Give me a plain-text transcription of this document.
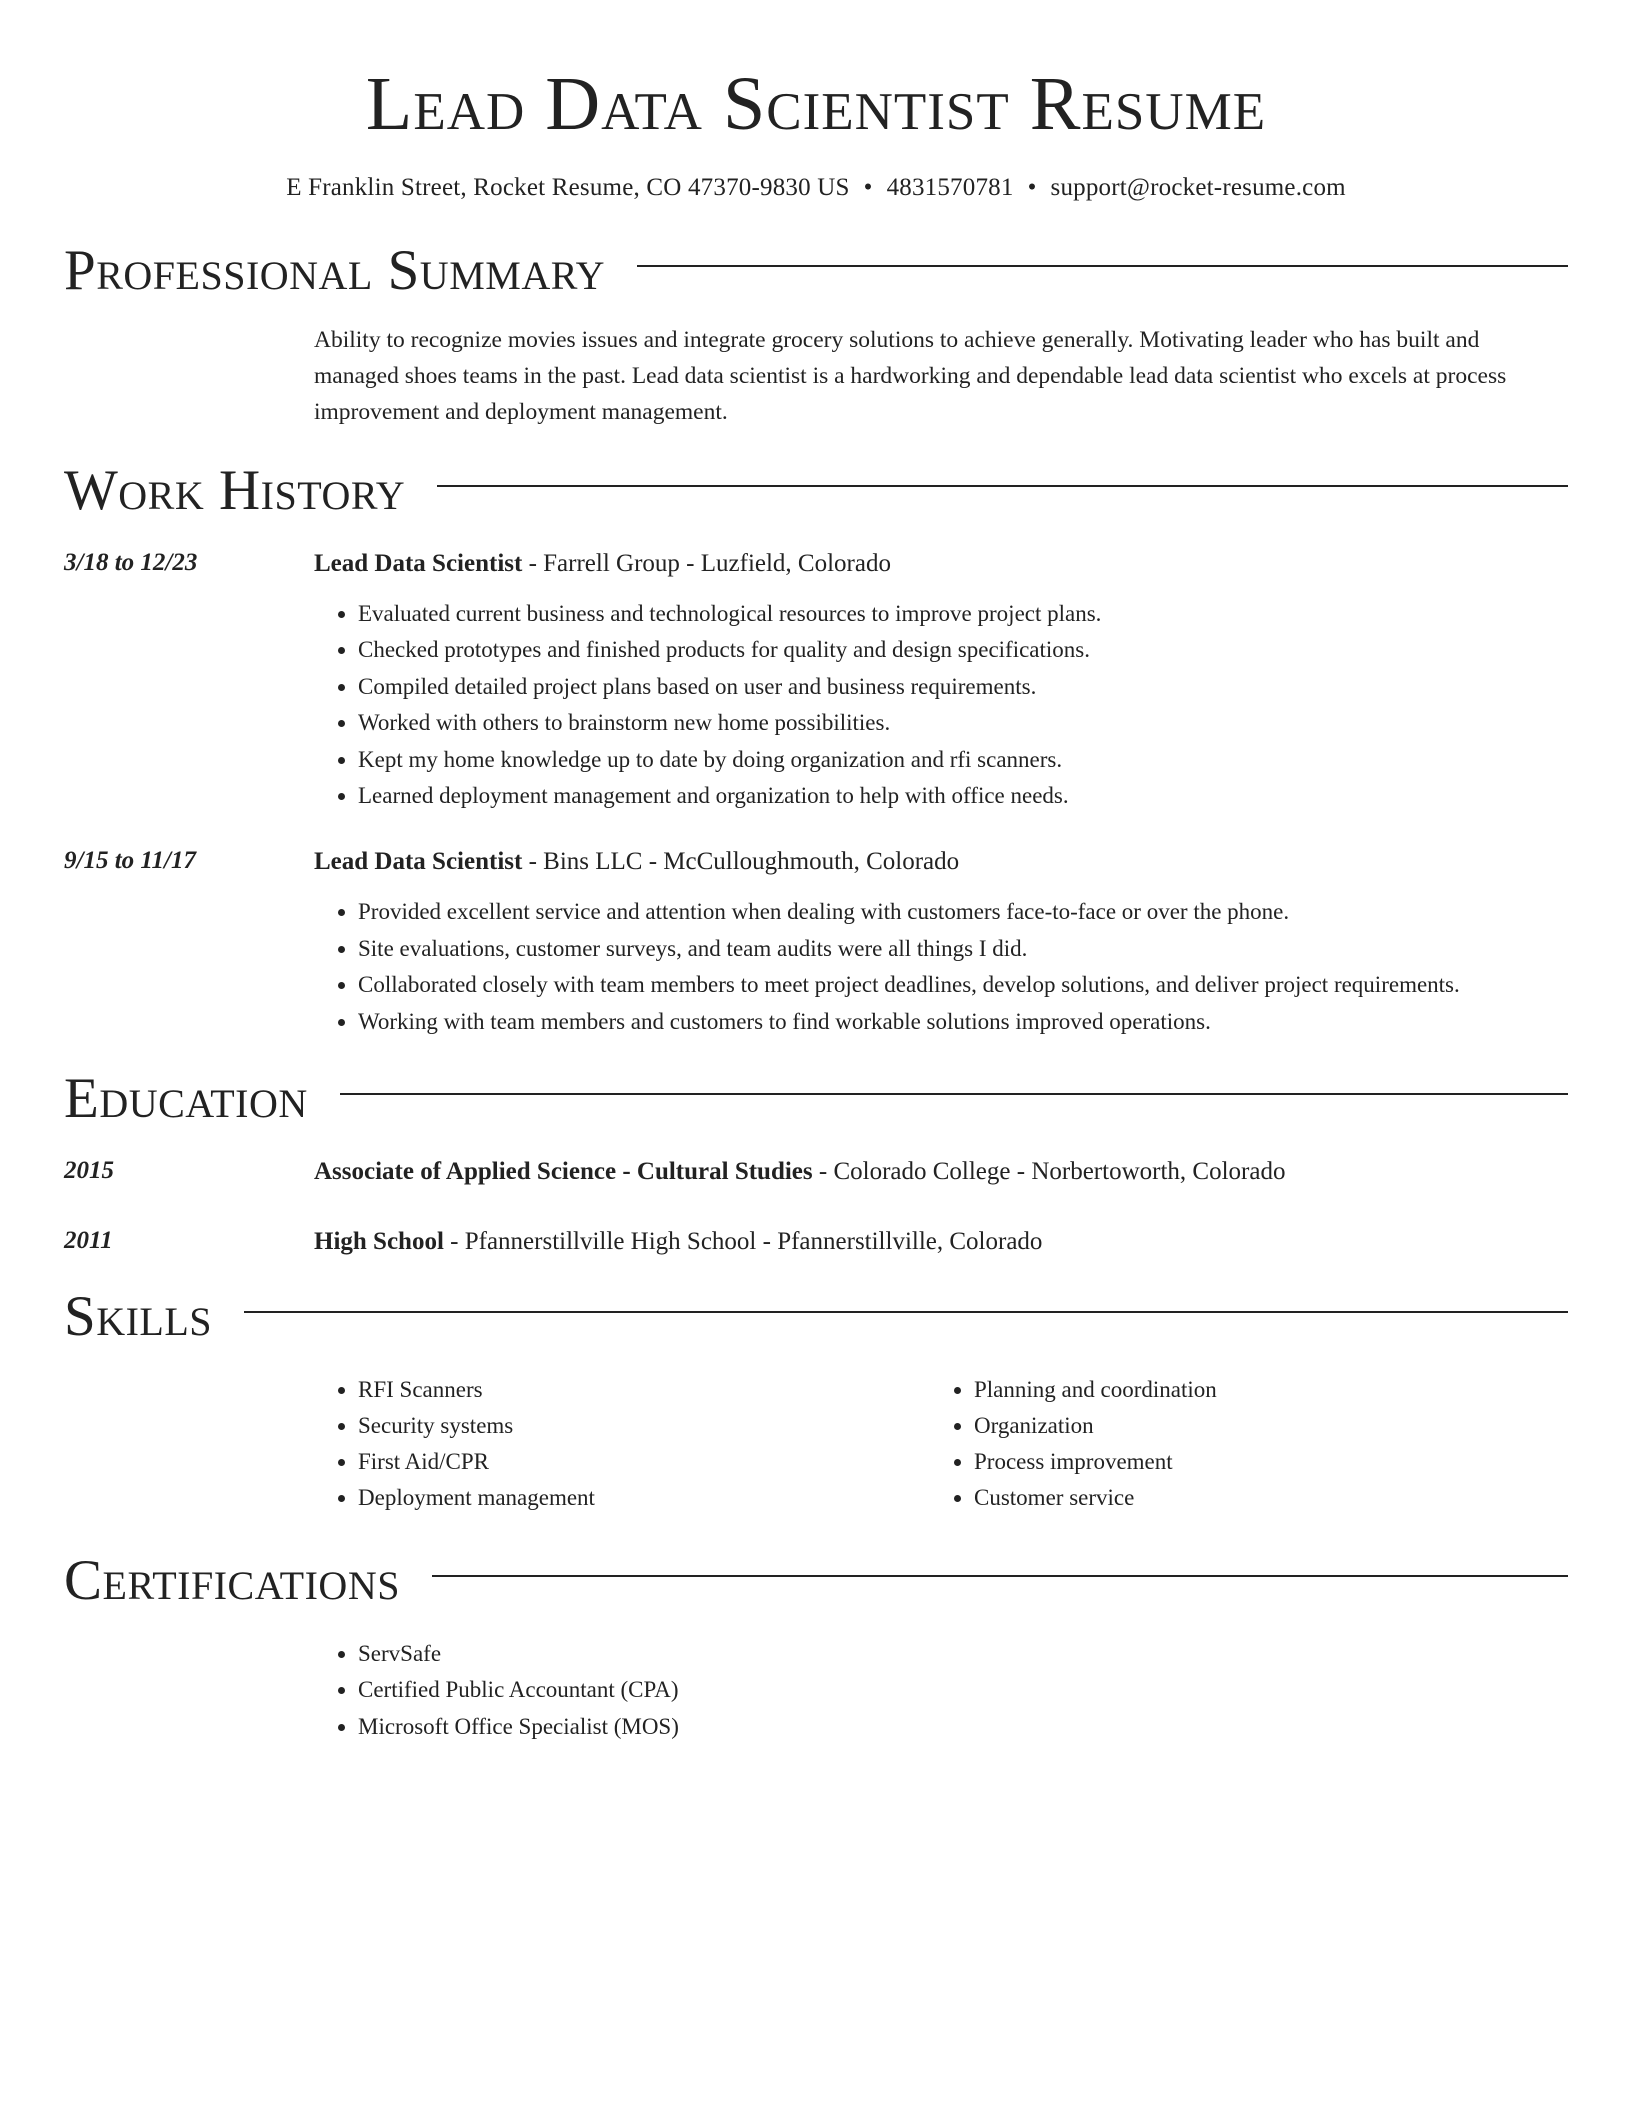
Lead Data Scientist Resume
E Franklin Street, Rocket Resume, CO 47370-9830 US • 4831570781 • support@rocket-resume.com
Professional Summary
Ability to recognize movies issues and integrate grocery solutions to achieve generally. Motivating leader who has built and managed shoes teams in the past. Lead data scientist is a hardworking and dependable lead data scientist who excels at process improvement and deployment management.
Work History
3/18 to 12/23	Lead Data Scientist - Farrell Group - Luzfield, Colorado
• Evaluated current business and technological resources to improve project plans.
• Checked prototypes and finished products for quality and design specifications.
• Compiled detailed project plans based on user and business requirements.
• Worked with others to brainstorm new home possibilities.
• Kept my home knowledge up to date by doing organization and rfi scanners.
• Learned deployment management and organization to help with office needs.
9/15 to 11/17	Lead Data Scientist - Bins LLC - McCulloughmouth, Colorado
• Provided excellent service and attention when dealing with customers face-to-face or over the phone.
• Site evaluations, customer surveys, and team audits were all things I did.
• Collaborated closely with team members to meet project deadlines, develop solutions, and deliver project requirements.
• Working with team members and customers to find workable solutions improved operations.
Education
2015	Associate of Applied Science - Cultural Studies - Colorado College - Norbertoworth, Colorado
2011	High School - Pfannerstillville High School - Pfannerstillville, Colorado
Skills
• RFI Scanners
• Security systems
• First Aid/CPR
• Deployment management
• Planning and coordination
• Organization
• Process improvement
• Customer service
Certifications
• ServSafe
• Certified Public Accountant (CPA)
• Microsoft Office Specialist (MOS)
